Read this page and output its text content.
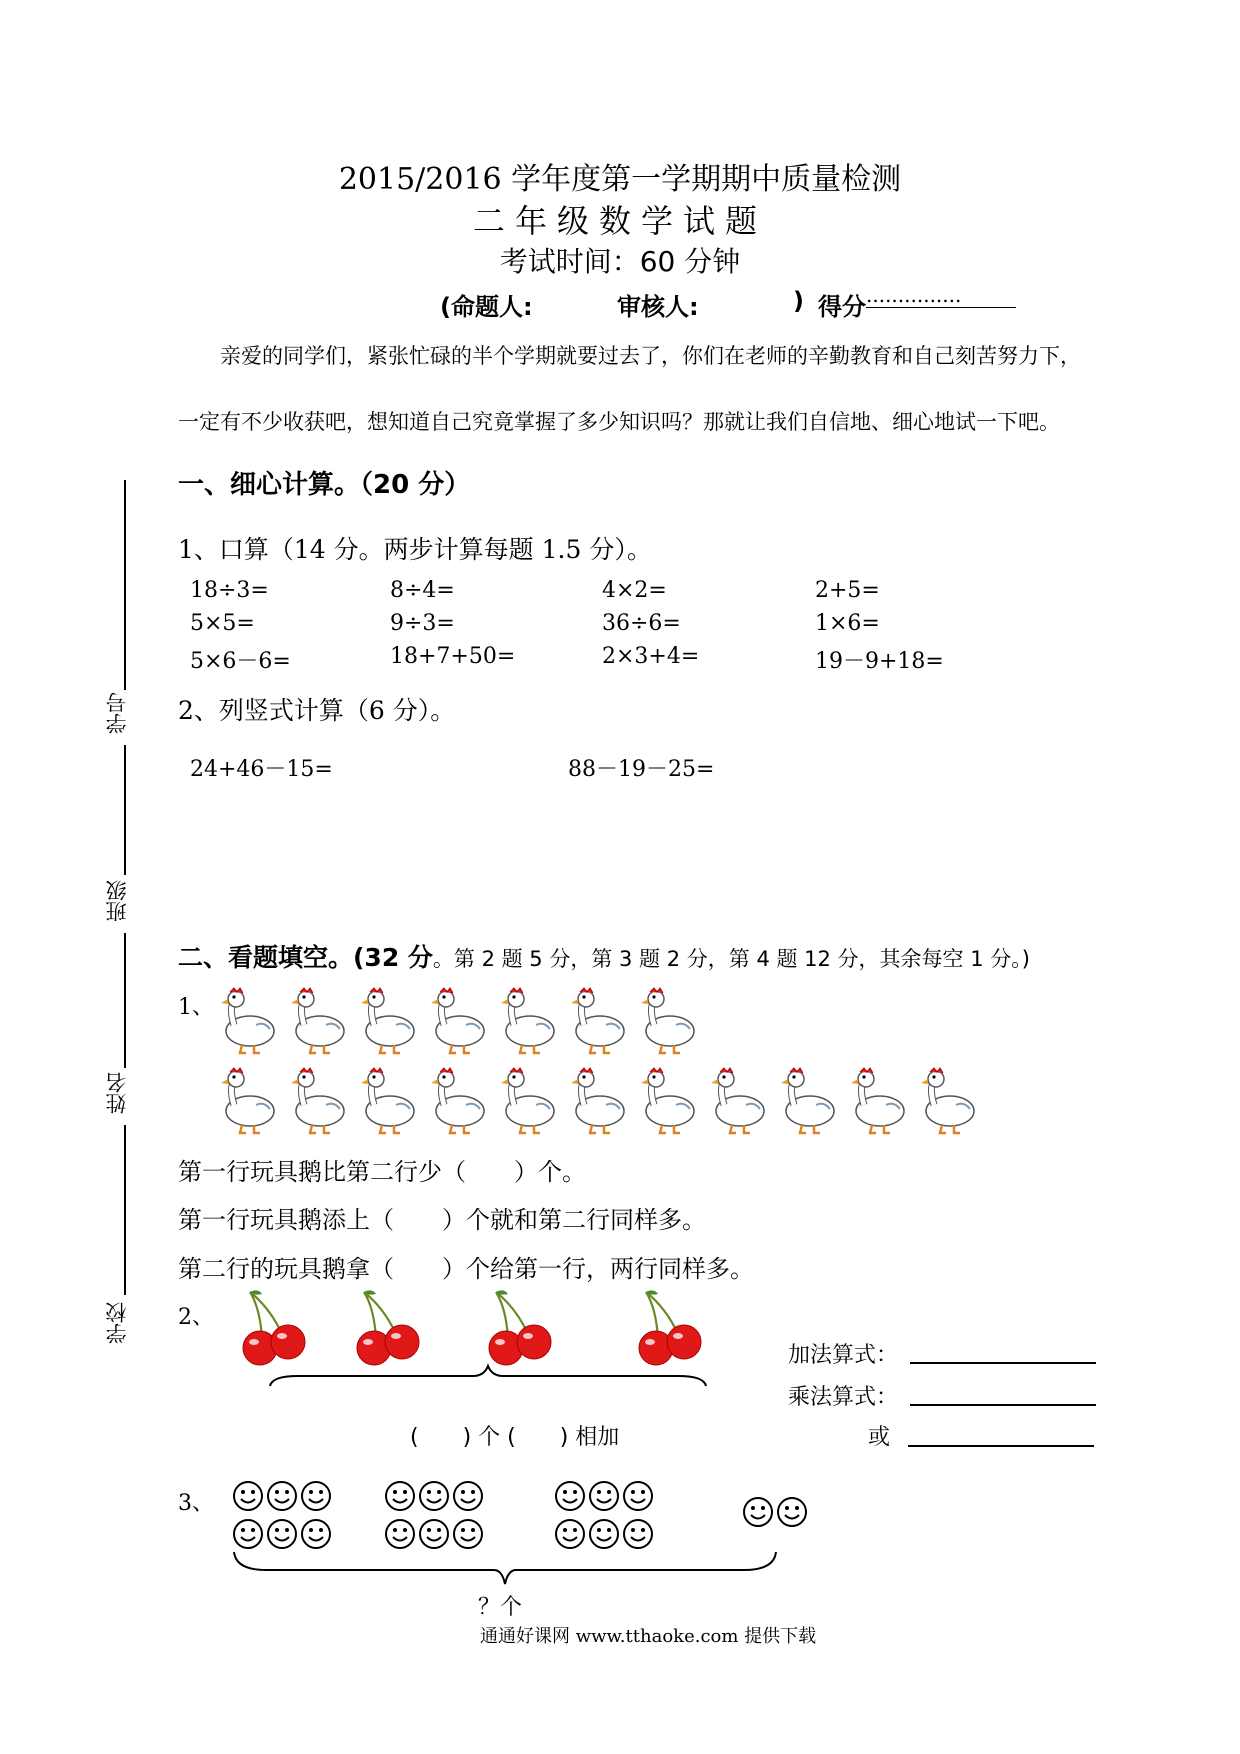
2015/2016 学年度第一学期期中质量检测
二年级数学试题
考试时间：60 分钟
(命题人:	审核人:	) 得分 ...............
亲爱的同学们，紧张忙碌的半个学期就要过去了，你们在老师的辛勤教育和自己刻苦努力下，
一定有不少收获吧，想知道自己究竟掌握了多少知识吗？那就让我们自信地、细心地试一下吧。
学号
班级
姓名
学校
一、细心计算。（20 分）
1、口算（14 分。两步计算每题 1.5 分）。
18÷3=	8÷4=	4×2=	2+5=
5×5=	9÷3=	36÷6=	1×6=
5×6－6=	18+7+50=	2×3+4=	19－9+18=
2、列竖式计算（6 分）。
24+46－15=	88－19－25=
二、看题填空。(32 分。第 2 题 5 分，第 3 题 2 分，第 4 题 12 分，其余每空 1 分。)
1、
第一行玩具鹅比第二行少（　　）个。
第一行玩具鹅添上（　　）个就和第二行同样多。
第二行的玩具鹅拿（　　）个给第一行，两行同样多。
2、
(　　) 个 (　　) 相加
加法算式：
乘法算式：
或
3、
？个
通通好课网 www.tthaoke.com 提供下载
